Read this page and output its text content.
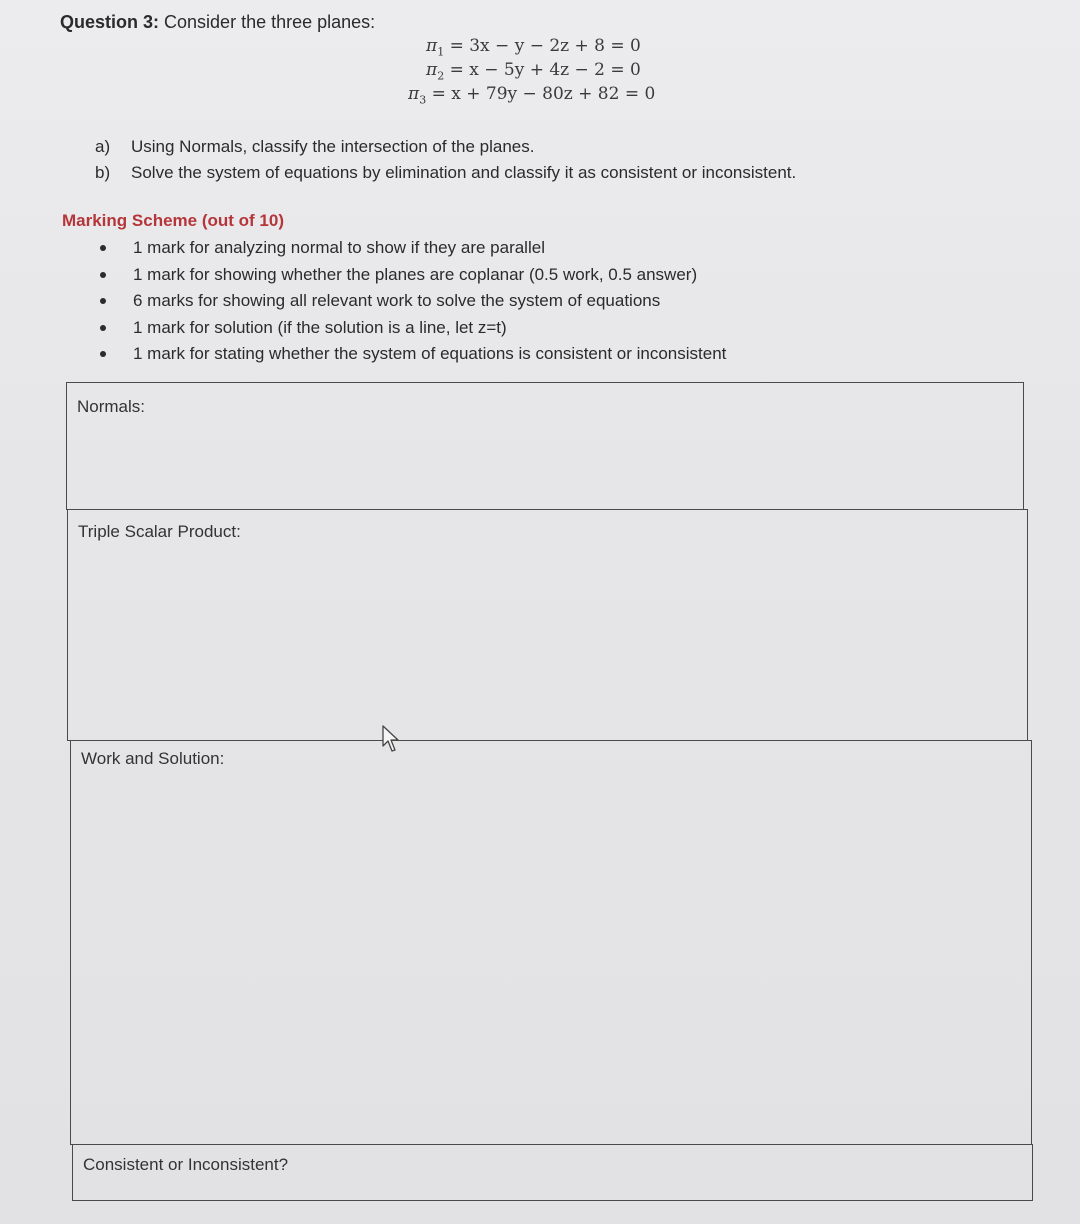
Question 3: Consider the three planes:
$\pi_1 = 3x - y - 2z + 8 = 0$
$\pi_2 = x - 5y + 4z - 2 = 0$
$\pi_3 = x + 79y - 80z + 82 = 0$
a)	Using Normals, classify the intersection of the planes.
b)	Solve the system of equations by elimination and classify it as consistent or inconsistent.
Marking Scheme (out of 10)
1 mark for analyzing normal to show if they are parallel
1 mark for showing whether the planes are coplanar (0.5 work, 0.5 answer)
6 marks for showing all relevant work to solve the system of equations
1 mark for solution (if the solution is a line, let z=t)
1 mark for stating whether the system of equations is consistent or inconsistent
Normals:
Triple Scalar Product:
Work and Solution:
Consistent or Inconsistent?
